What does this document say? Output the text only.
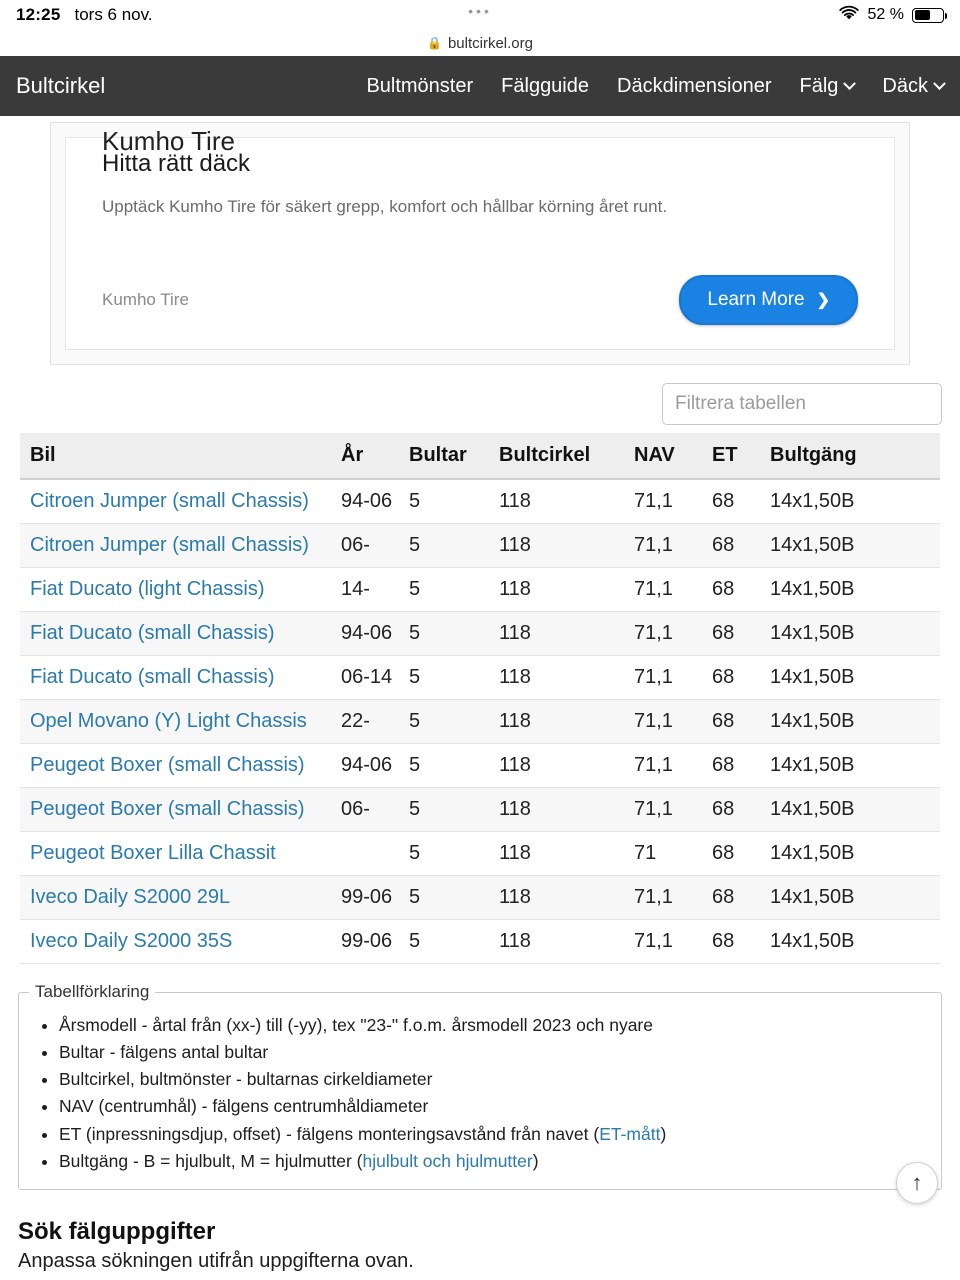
12:25 tors 6 nov.	•••	52 %
🔒 bultcirkel.org
Bultcirkel	Bultmönster Fälgguide Däckdimensioner Fälg Däck
Kumho Tire
Hitta rätt däck
Upptäck Kumho Tire för säkert grepp, komfort och hållbar körning året runt.
Kumho Tire	Learn More ❯
Filtrera tabellen
Bil	År	Bultar	Bultcirkel	NAV	ET	Bultgäng
Citroen Jumper (small Chassis)	94-06	5	118	71,1	68	14x1,50B
Citroen Jumper (small Chassis)	06-	5	118	71,1	68	14x1,50B
Fiat Ducato (light Chassis)	14-	5	118	71,1	68	14x1,50B
Fiat Ducato (small Chassis)	94-06	5	118	71,1	68	14x1,50B
Fiat Ducato (small Chassis)	06-14	5	118	71,1	68	14x1,50B
Opel Movano (Y) Light Chassis	22-	5	118	71,1	68	14x1,50B
Peugeot Boxer (small Chassis)	94-06	5	118	71,1	68	14x1,50B
Peugeot Boxer (small Chassis)	06-	5	118	71,1	68	14x1,50B
Peugeot Boxer Lilla Chassit		5	118	71	68	14x1,50B
Iveco Daily S2000 29L	99-06	5	118	71,1	68	14x1,50B
Iveco Daily S2000 35S	99-06	5	118	71,1	68	14x1,50B
Tabellförklaring
• Årsmodell - årtal från (xx-) till (-yy), tex "23-" f.o.m. årsmodell 2023 och nyare
• Bultar - fälgens antal bultar
• Bultcirkel, bultmönster - bultarnas cirkeldiameter
• NAV (centrumhål) - fälgens centrumhåldiameter
• ET (inpressningsdjup, offset) - fälgens monteringsavstånd från navet (ET-mått)
• Bultgäng - B = hjulbult, M = hjulmutter (hjulbult och hjulmutter)
↑
Sök fälguppgifter

Anpassa sökningen utifrån uppgifterna ovan.
